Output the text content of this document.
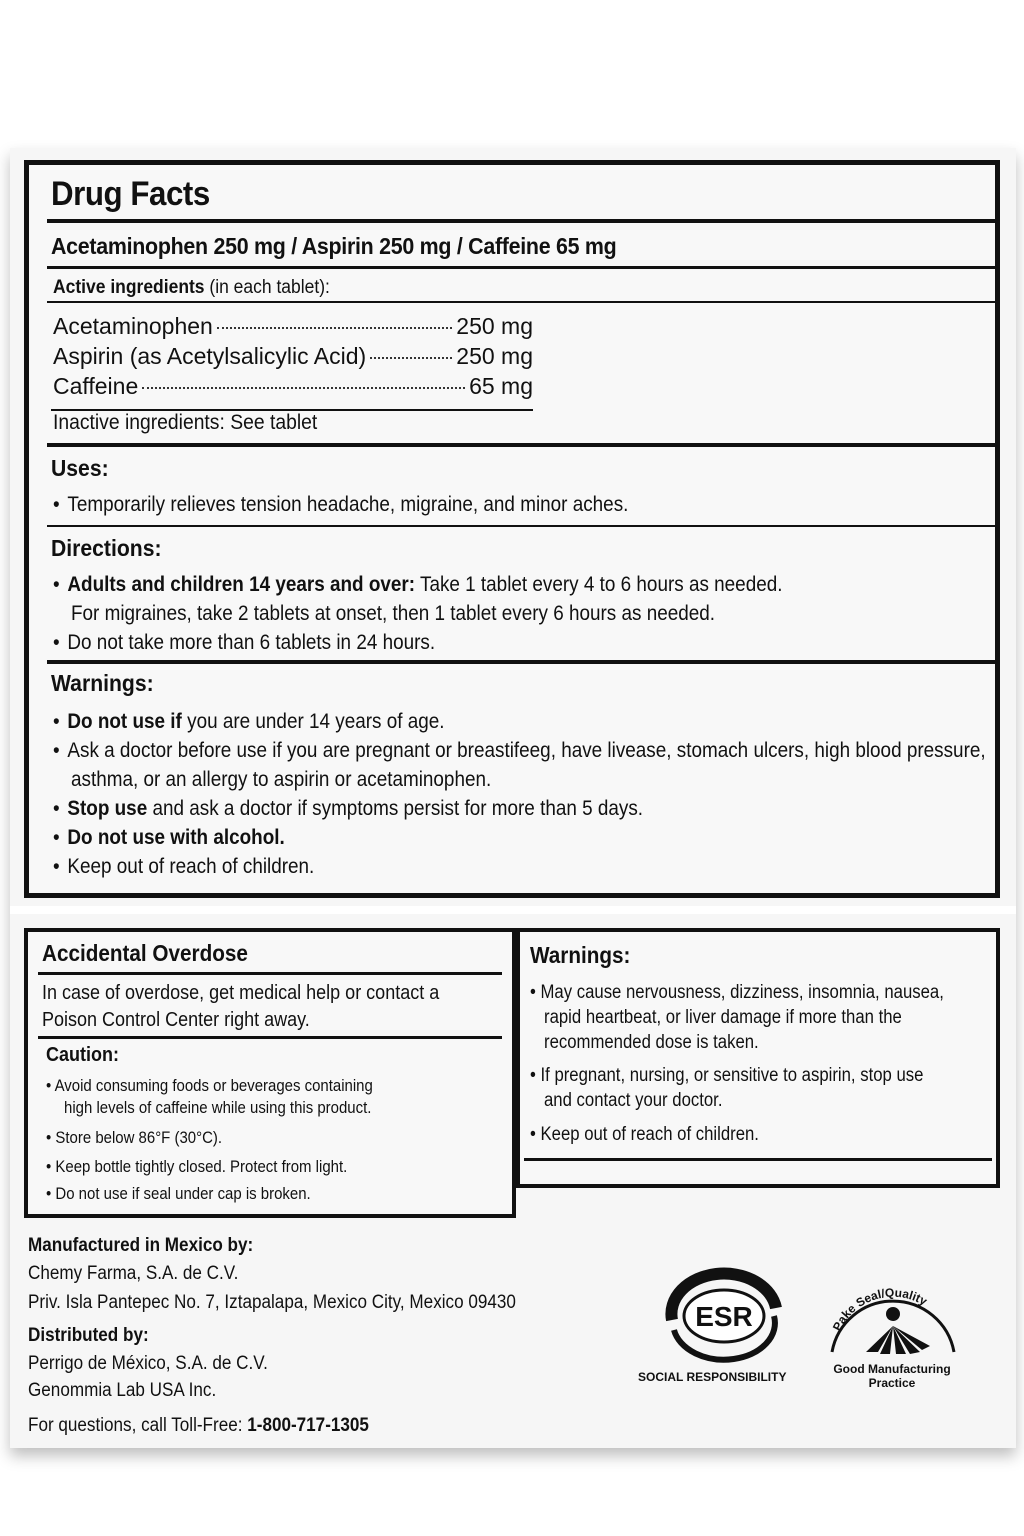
Drug Facts
Acetaminophen 250 mg / Aspirin 250 mg / Caffeine 65 mg
Active ingredients (in each tablet):
Acetaminophen	250 mg
Aspirin (as Acetylsalicylic Acid)	250 mg
Caffeine	65 mg
Inactive ingredients: See tablet
Uses:
• Temporarily relieves tension headache, migraine, and minor aches.
Directions:
• Adults and children 14 years and over: Take 1 tablet every 4 to 6 hours as needed.
For migraines, take 2 tablets at onset, then 1 tablet every 6 hours as needed.
• Do not take more than 6 tablets in 24 hours.
Warnings:
• Do not use if you are under 14 years of age.
• Ask a doctor before use if you are pregnant or breastifeeg, have livease, stomach ulcers, high blood pressure,
asthma, or an allergy to aspirin or acetaminophen.
• Stop use and ask a doctor if symptoms persist for more than 5 days.
• Do not use with alcohol.
• Keep out of reach of children.
Accidental Overdose
In case of overdose, get medical help or contact a
Poison Control Center right away.
Caution:
• Avoid consuming foods or beverages containing
high levels of caffeine while using this product.
• Store below 86°F (30°C).
• Keep bottle tightly closed. Protect from light.
• Do not use if seal under cap is broken.
Warnings:
• May cause nervousness, dizziness, insomnia, nausea,
rapid heartbeat, or liver damage if more than the
recommended dose is taken.
• If pregnant, nursing, or sensitive to aspirin, stop use
and contact your doctor.
• Keep out of reach of children.
Manufactured in Mexico by:
Chemy Farma, S.A. de C.V.
Priv. Isla Pantepec No. 7, Iztapalapa, Mexico City, Mexico 09430
Distributed by:
Perrigo de México, S.A. de C.V.
Genommia Lab USA Inc.
For questions, call Toll-Free: 1-800-717-1305
ESR
SOCIAL RESPONSIBILITY
Pake Seal/Quality
Good Manufacturing
Practice
